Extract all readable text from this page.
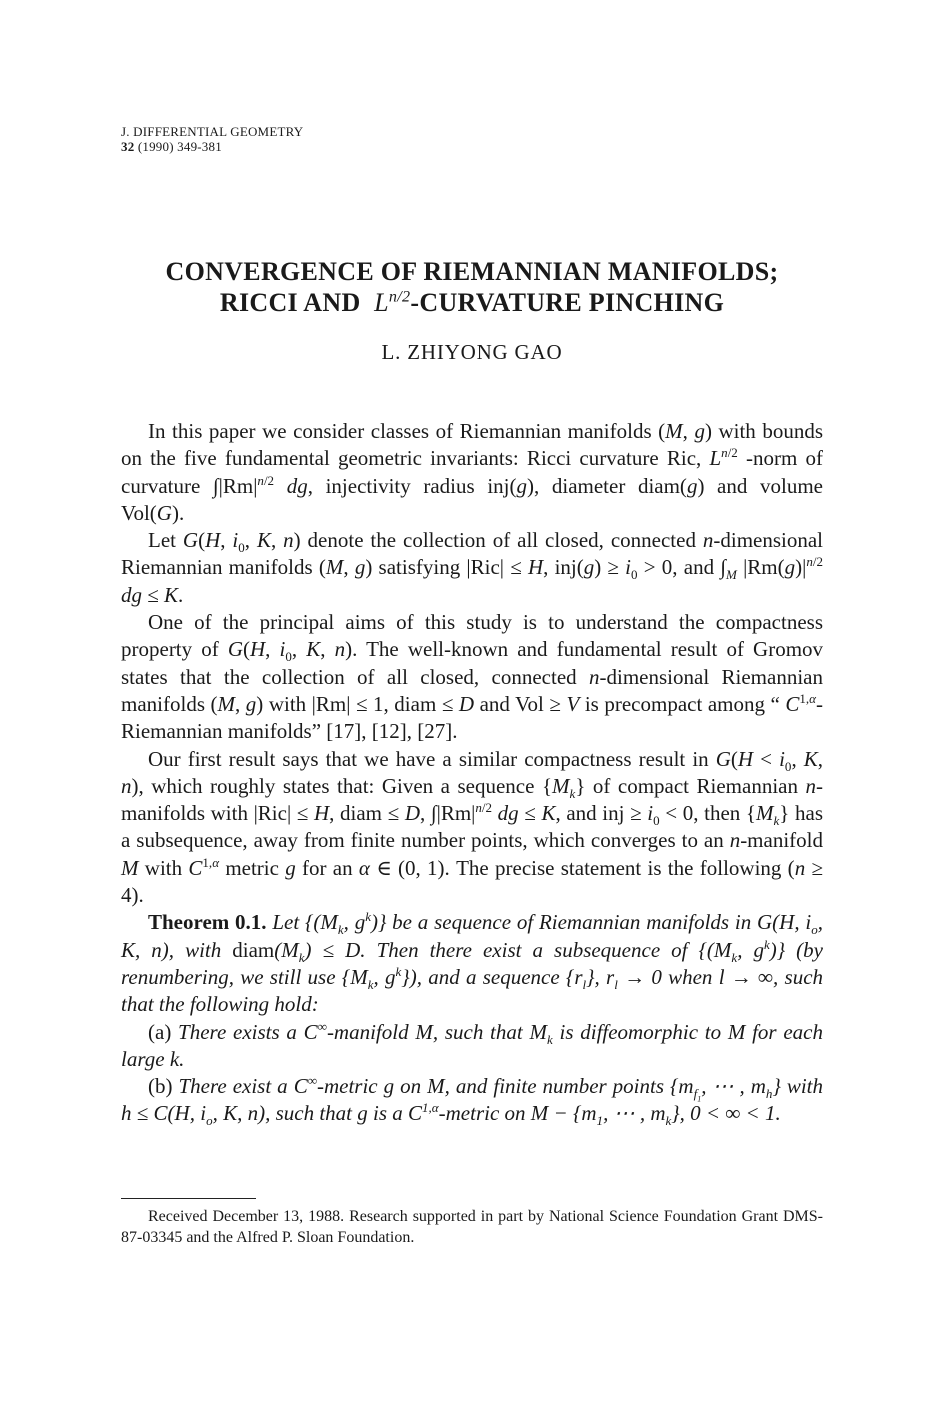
J. DIFFERENTIAL GEOMETRY
32 (1990) 349-381
CONVERGENCE OF RIEMANNIAN MANIFOLDS;
RICCI AND $L^{n/2}$-CURVATURE PINCHING
L. ZHIYONG GAO

In this paper we consider classes of Riemannian manifolds (M, g) with bounds on the five fundamental geometric invariants: Ricci curvature Ric, $L^{n/2}$ -norm of curvature $\int|Rm|^{n/2}$ dg, injectivity radius inj(g), diameter diam(g) and volume Vol(G).

Let G(H, $i_0$, K, n) denote the collection of all closed, connected n-dimensional Riemannian manifolds (M, g) satisfying |Ric| ≤ H, $inj(g) \ge i_0 > 0$, and $\int_M$ $|Rm(g)|^{n/2}$ dg ≤ K.

One of the principal aims of this study is to understand the compactness property of G(H, $i_0$, K, n). The well-known and fundamental result of Gromov states that the collection of all closed, connected n-dimensional Riemannian manifolds (M, g) with |Rm| ≤ 1, diam ≤ D and Vol ≥ V is precompact among “ $C^{1,\alpha}$-Riemannian manifolds” [17], [12], [27].

Our first result says that we have a similar compactness result in $G(H < i_0$, K, n), which roughly states that: Given a sequence $\{M_k\}$ of compact Riemannian n-manifolds with |Ric| ≤ H, diam ≤ D, $\int|Rm|^{n/2}$ dg ≤ K, and inj ≥ $i_0 < 0$, then $\{M_k\}$ has a subsequence, away from finite number points, which converges to an n-manifold M with $C^{1,\alpha}$ metric g for an α ∈ (0, 1). The precise statement is the following (n ≥ 4).

Theorem 0.1. Let {($M_k$, $g^k$)} be a sequence of Riemannian manifolds in G(H, $i_o$, K, n), with $diam(M_k) \le D$. Then there exist a subsequence of {($M_k$, $g^k$)} (by renumbering, we still use {$M_k$, $g^k$}), and a sequence $\{r_l\}$, $r_l \to 0$ when l → ∞, such that the following hold:

(a) There exists a C∞-manifold M, such that $M_k$ is diffeomorphic to M for each large k.

(b) There exist a C∞-metric g on M, and finite number points {$m_{f_1}$, ⋯ , $m_h$} with h ≤ C(H, $i_o$, K, n), such that g is a $C^{1,\alpha}$-metric on $M - \{m_1$, ⋯ , $m_k$}, 0 < ∞ < 1.

Received December 13, 1988. Research supported in part by National Science Foundation Grant DMS-87-03345 and the Alfred P. Sloan Foundation.
